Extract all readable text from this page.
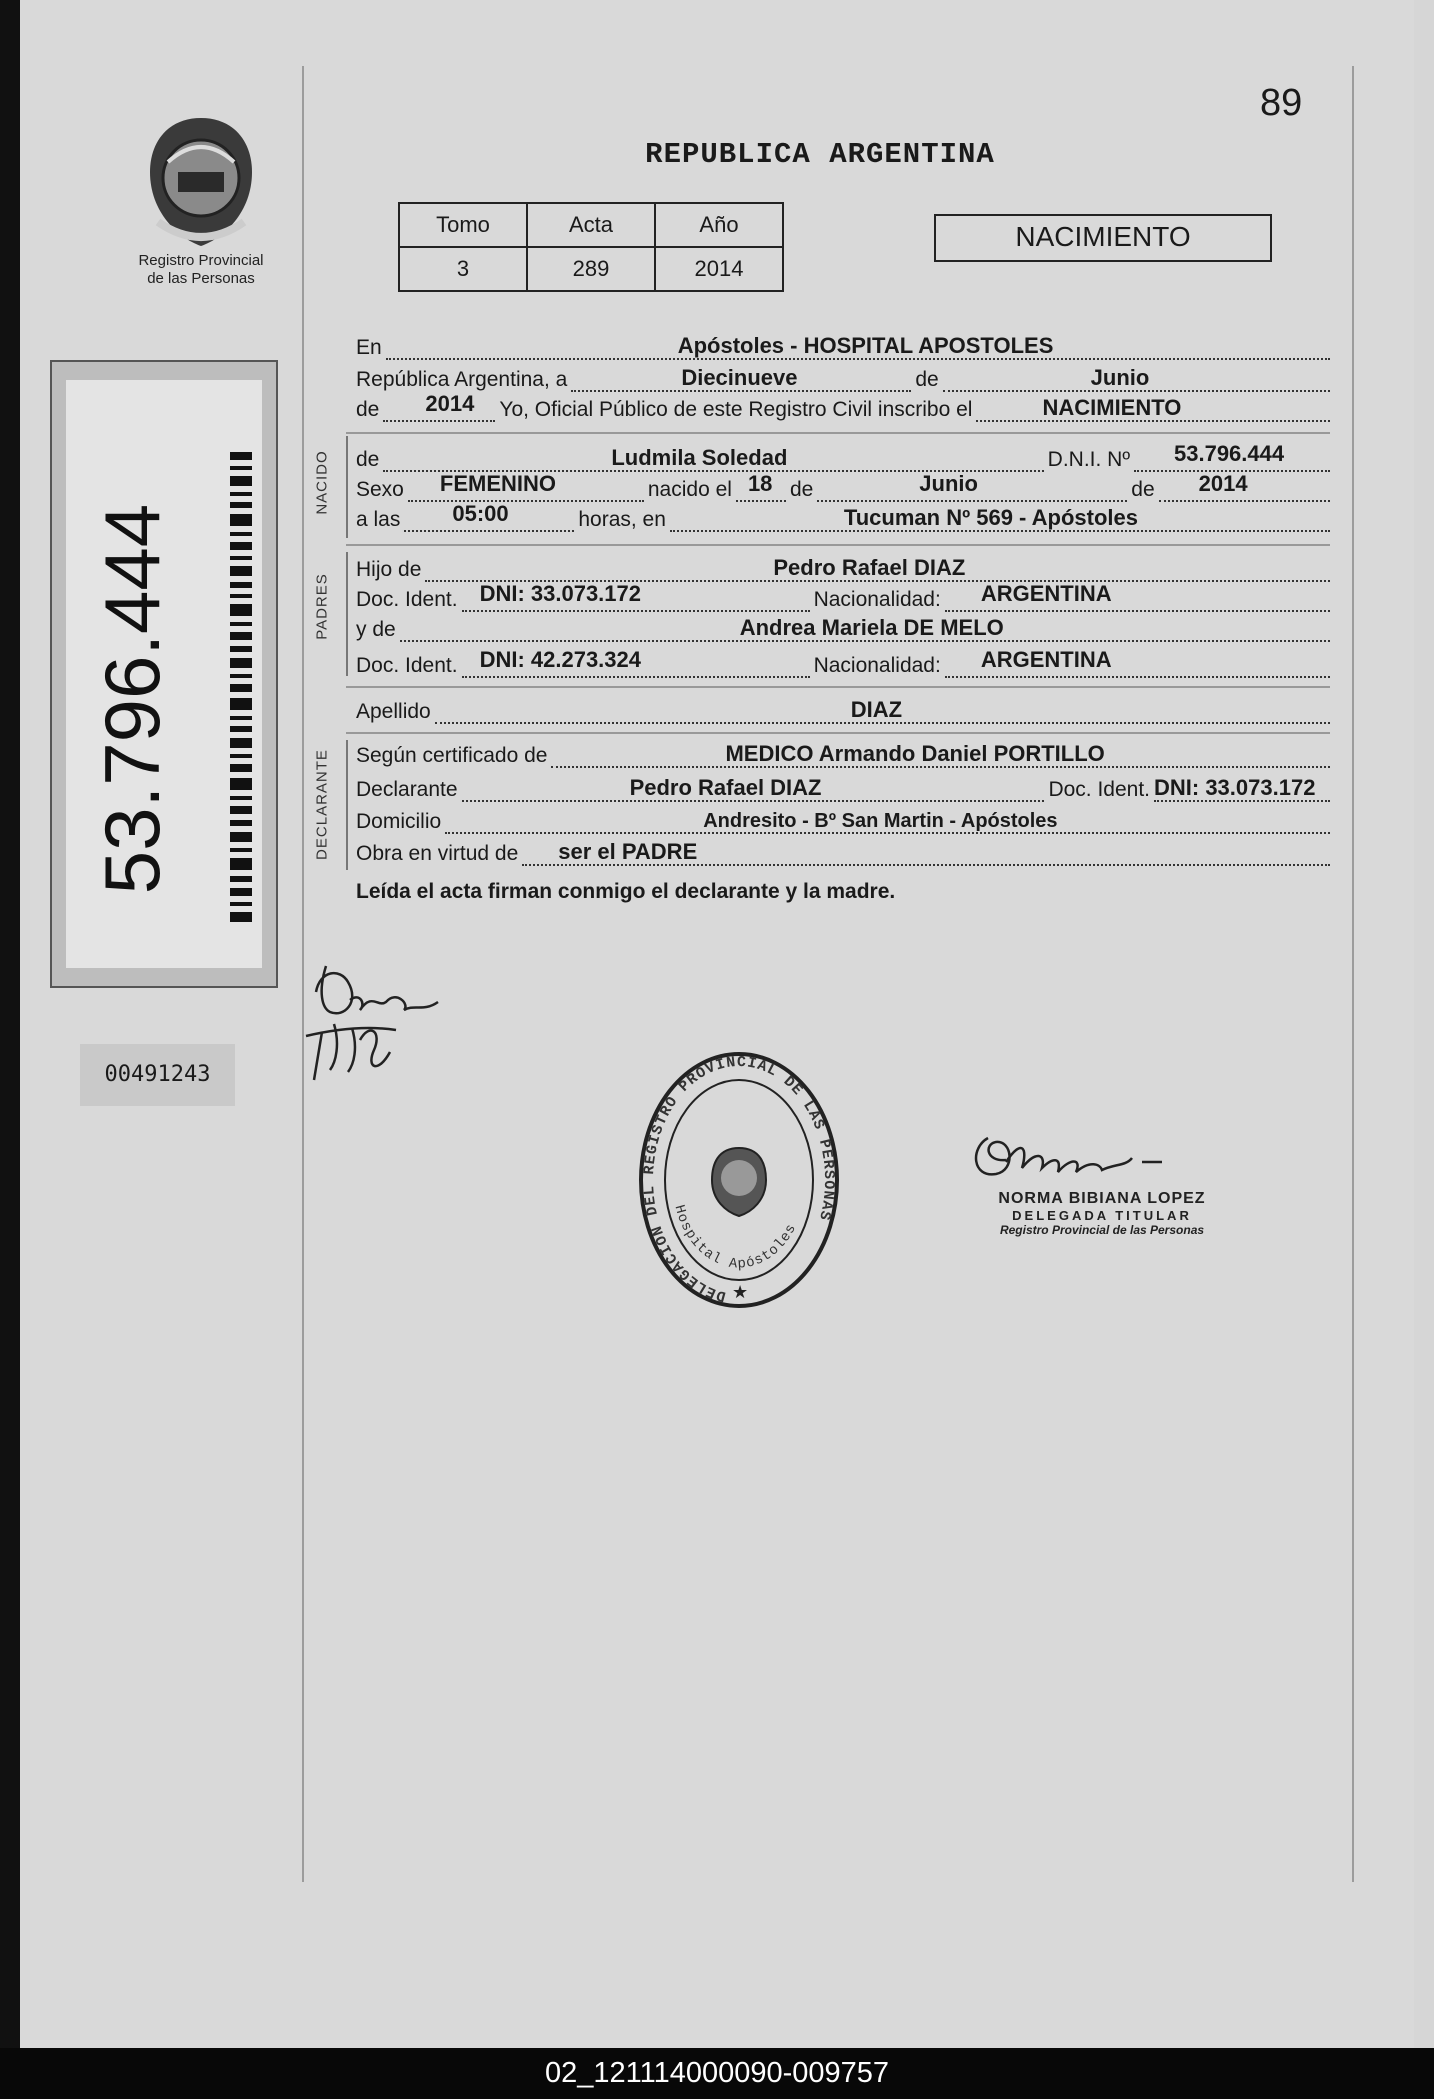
Registro Provincial
de las Personas
53.796.444
00491243
89
REPUBLICA ARGENTINA
Tomo	Acta	Año
3	289	2014
NACIMIENTO
En	Apóstoles - HOSPITAL APOSTOLES
República Argentina, a	Diecinueve	de	Junio
de 2014 Yo, Oficial Público de este Registro Civil inscribo el	NACIMIENTO
NACIDO de	Ludmila Soledad	D.N.I. Nº 53.796.444
Sexo FEMENINO	nacido el 18 de	Junio	de 2014
a las 05:00	horas, en	Tucuman Nº 569 - Apóstoles
PADRES
Hijo de	Pedro Rafael DIAZ
Doc. Ident. DNI: 33.073.172	Nacionalidad: ARGENTINA
y de	Andrea Mariela DE MELO
Doc. Ident. DNI: 42.273.324	Nacionalidad: ARGENTINA
Apellido	DIAZ
DECLARANTE Según certificado de	MEDICO Armando Daniel PORTILLO
Declarante	Pedro Rafael DIAZ	Doc. Ident. DNI: 33.073.172
Domicilio	Andresito - Bº San Martin - Apóstoles
Obra en virtud de ser el PADRE
Leída el acta firman conmigo el declarante y la madre.
DELEGACION DEL REGISTRO PROVINCIAL DE LAS PERSONAS
Hospital Apóstoles
★
NORMA BIBIANA LOPEZ
DELEGADA TITULAR
Registro Provincial de las Personas
02_121114000090-009757
